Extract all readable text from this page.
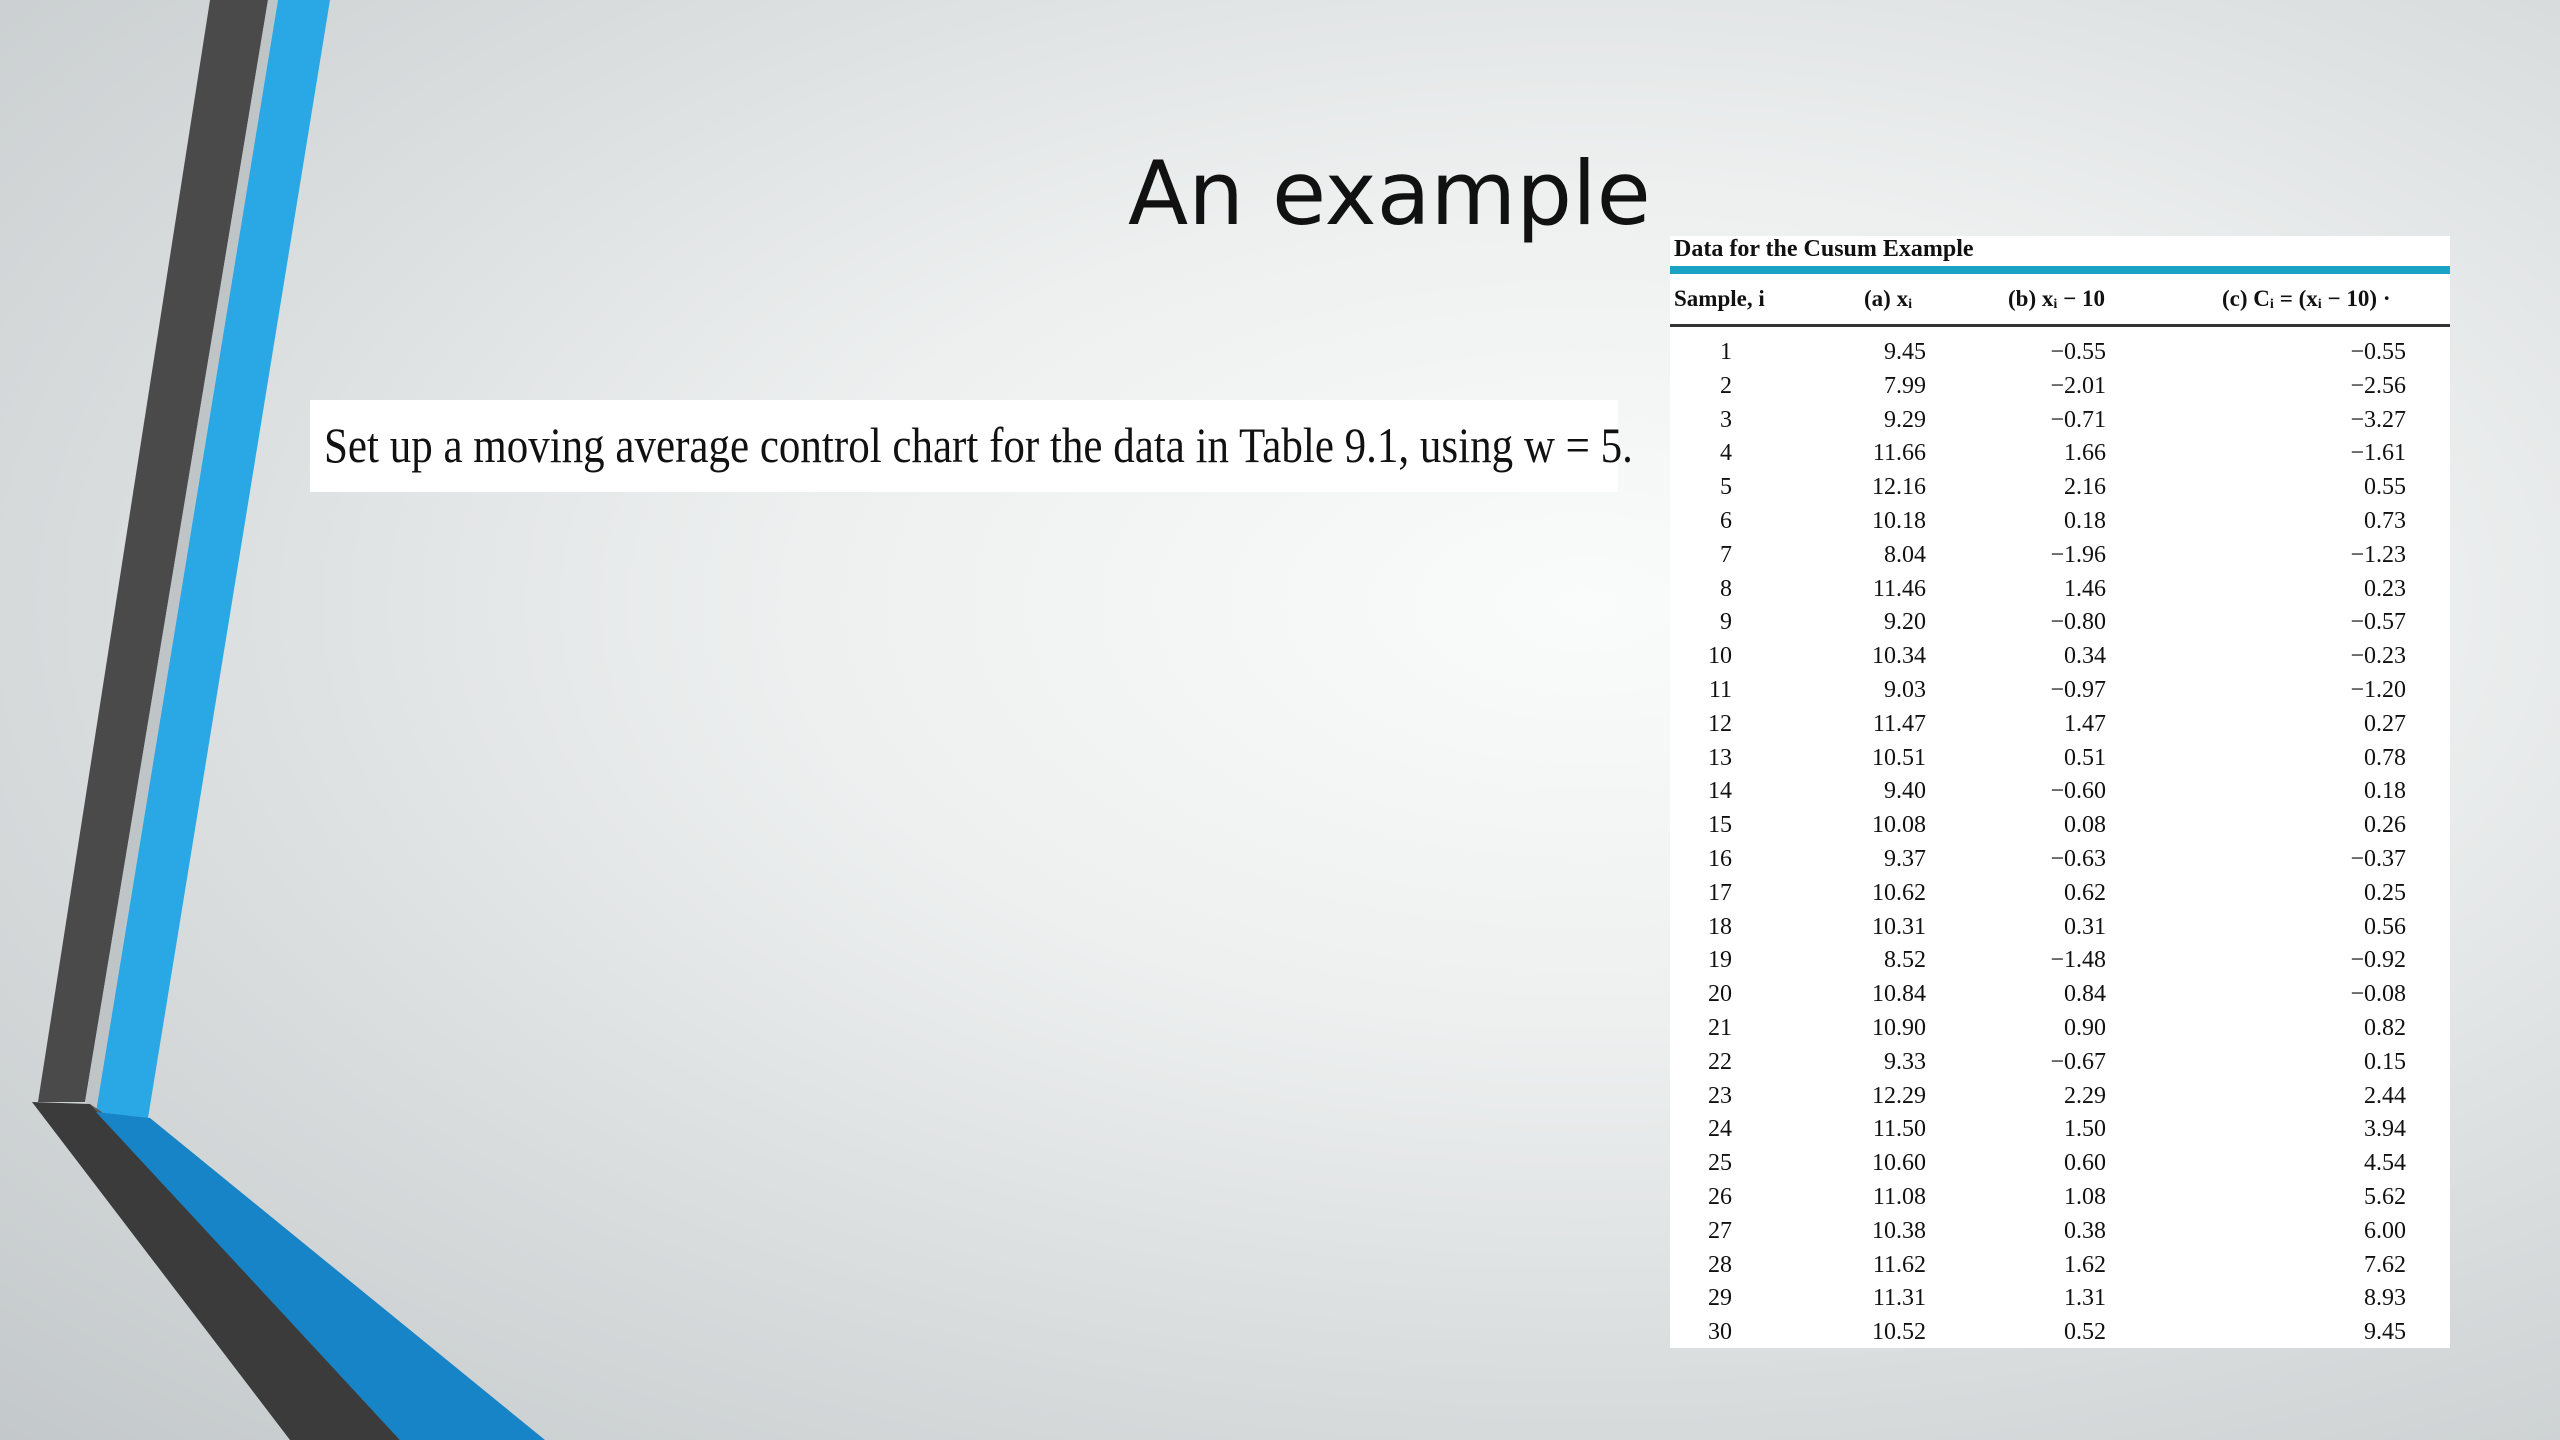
An example
Set up a moving average control chart for the data in Table 9.1, using w = 5.
Data for the Cusum Example
Sample, i	(a) xᵢ	(b) xᵢ − 10	(c) Cᵢ = (xᵢ − 10) ·
1	9.45	−0.55	−0.55
2	7.99	−2.01	−2.56
3	9.29	−0.71	−3.27
4	11.66	1.66	−1.61
5	12.16	2.16	0.55
6	10.18	0.18	0.73
7	8.04	−1.96	−1.23
8	11.46	1.46	0.23
9	9.20	−0.80	−0.57
10	10.34	0.34	−0.23
11	9.03	−0.97	−1.20
12	11.47	1.47	0.27
13	10.51	0.51	0.78
14	9.40	−0.60	0.18
15	10.08	0.08	0.26
16	9.37	−0.63	−0.37
17	10.62	0.62	0.25
18	10.31	0.31	0.56
19	8.52	−1.48	−0.92
20	10.84	0.84	−0.08
21	10.90	0.90	0.82
22	9.33	−0.67	0.15
23	12.29	2.29	2.44
24	11.50	1.50	3.94
25	10.60	0.60	4.54
26	11.08	1.08	5.62
27	10.38	0.38	6.00
28	11.62	1.62	7.62
29	11.31	1.31	8.93
30	10.52	0.52	9.45
